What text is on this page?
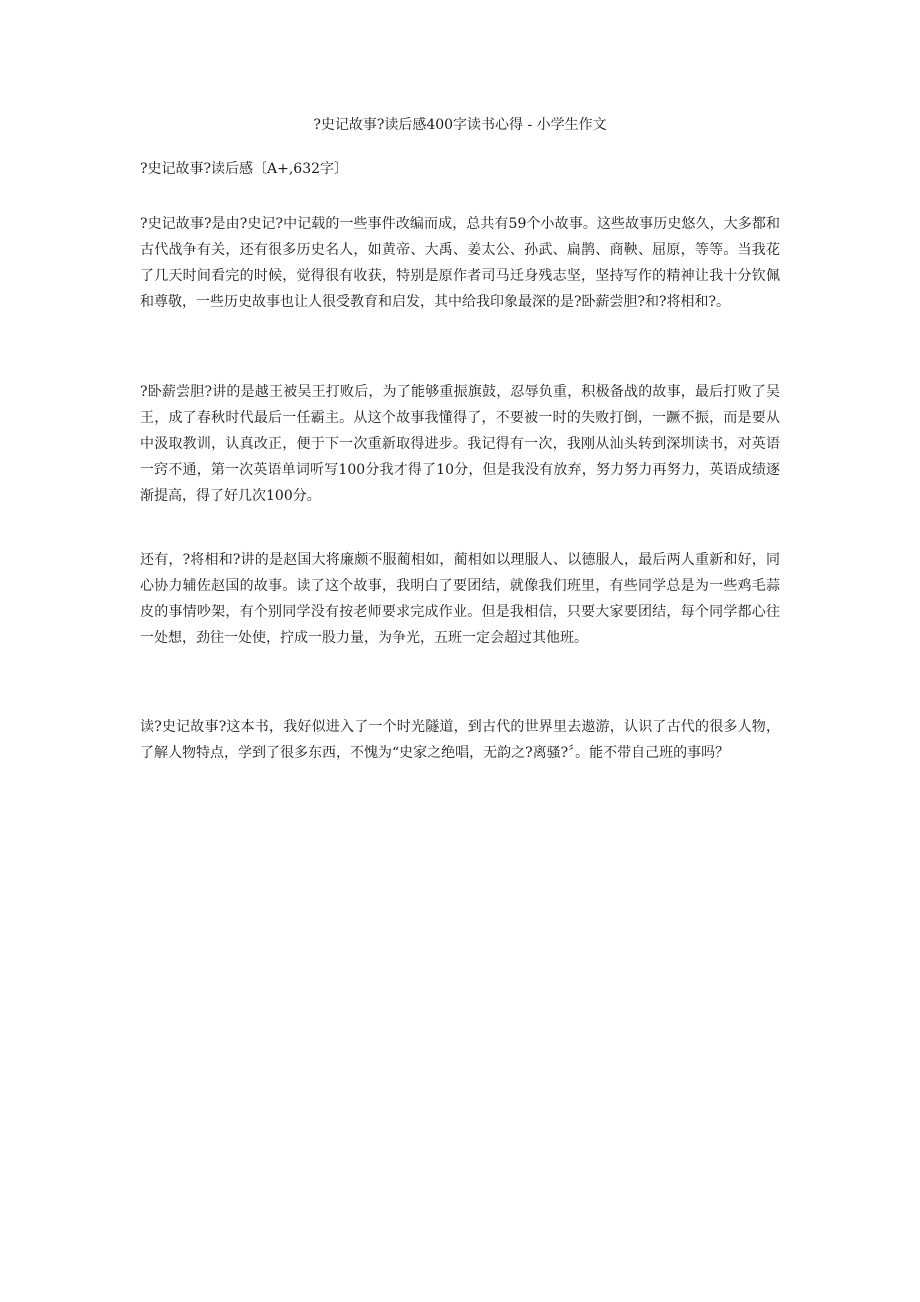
?史记故事?读后感400字读书心得 - 小学生作文
?史记故事?读后感〔A+,632字〕

?史记故事?是由?史记?中记载的一些事件改编而成，总共有59个小故事。这些故事历史悠久，大多都和古代战争有关，还有很多历史名人，如黄帝、大禹、姜太公、孙武、扁鹊、商鞅、屈原，等等。当我花了几天时间看完的时候，觉得很有收获，特别是原作者司马迁身残志坚，坚持写作的精神让我十分钦佩和尊敬，一些历史故事也让人很受教育和启发，其中给我印象最深的是?卧薪尝胆?和?将相和?。

?卧薪尝胆?讲的是越王被吴王打败后，为了能够重振旗鼓，忍辱负重，积极备战的故事，最后打败了吴王，成了春秋时代最后一任霸主。从这个故事我懂得了，不要被一时的失败打倒，一蹶不振，而是要从中汲取教训，认真改正，便于下一次重新取得进步。我记得有一次，我刚从汕头转到深圳读书，对英语一窍不通，第一次英语单词听写100分我才得了10分，但是我没有放弃，努力努力再努力，英语成绩逐渐提高，得了好几次100分。

还有，?将相和?讲的是赵国大将廉颇不服蔺相如，蔺相如以理服人、以德服人，最后两人重新和好，同心协力辅佐赵国的故事。读了这个故事，我明白了要团结，就像我们班里，有些同学总是为一些鸡毛蒜皮的事情吵架，有个别同学没有按老师要求完成作业。但是我相信，只要大家要团结，每个同学都心往一处想，劲往一处使，拧成一股力量，为争光，五班一定会超过其他班。

读?史记故事?这本书，我好似进入了一个时光隧道，到古代的世界里去遨游，认识了古代的很多人物，了解人物特点，学到了很多东西，不愧为“史家之绝唱，无韵之?离骚?〞。能不带自己班的事吗？
